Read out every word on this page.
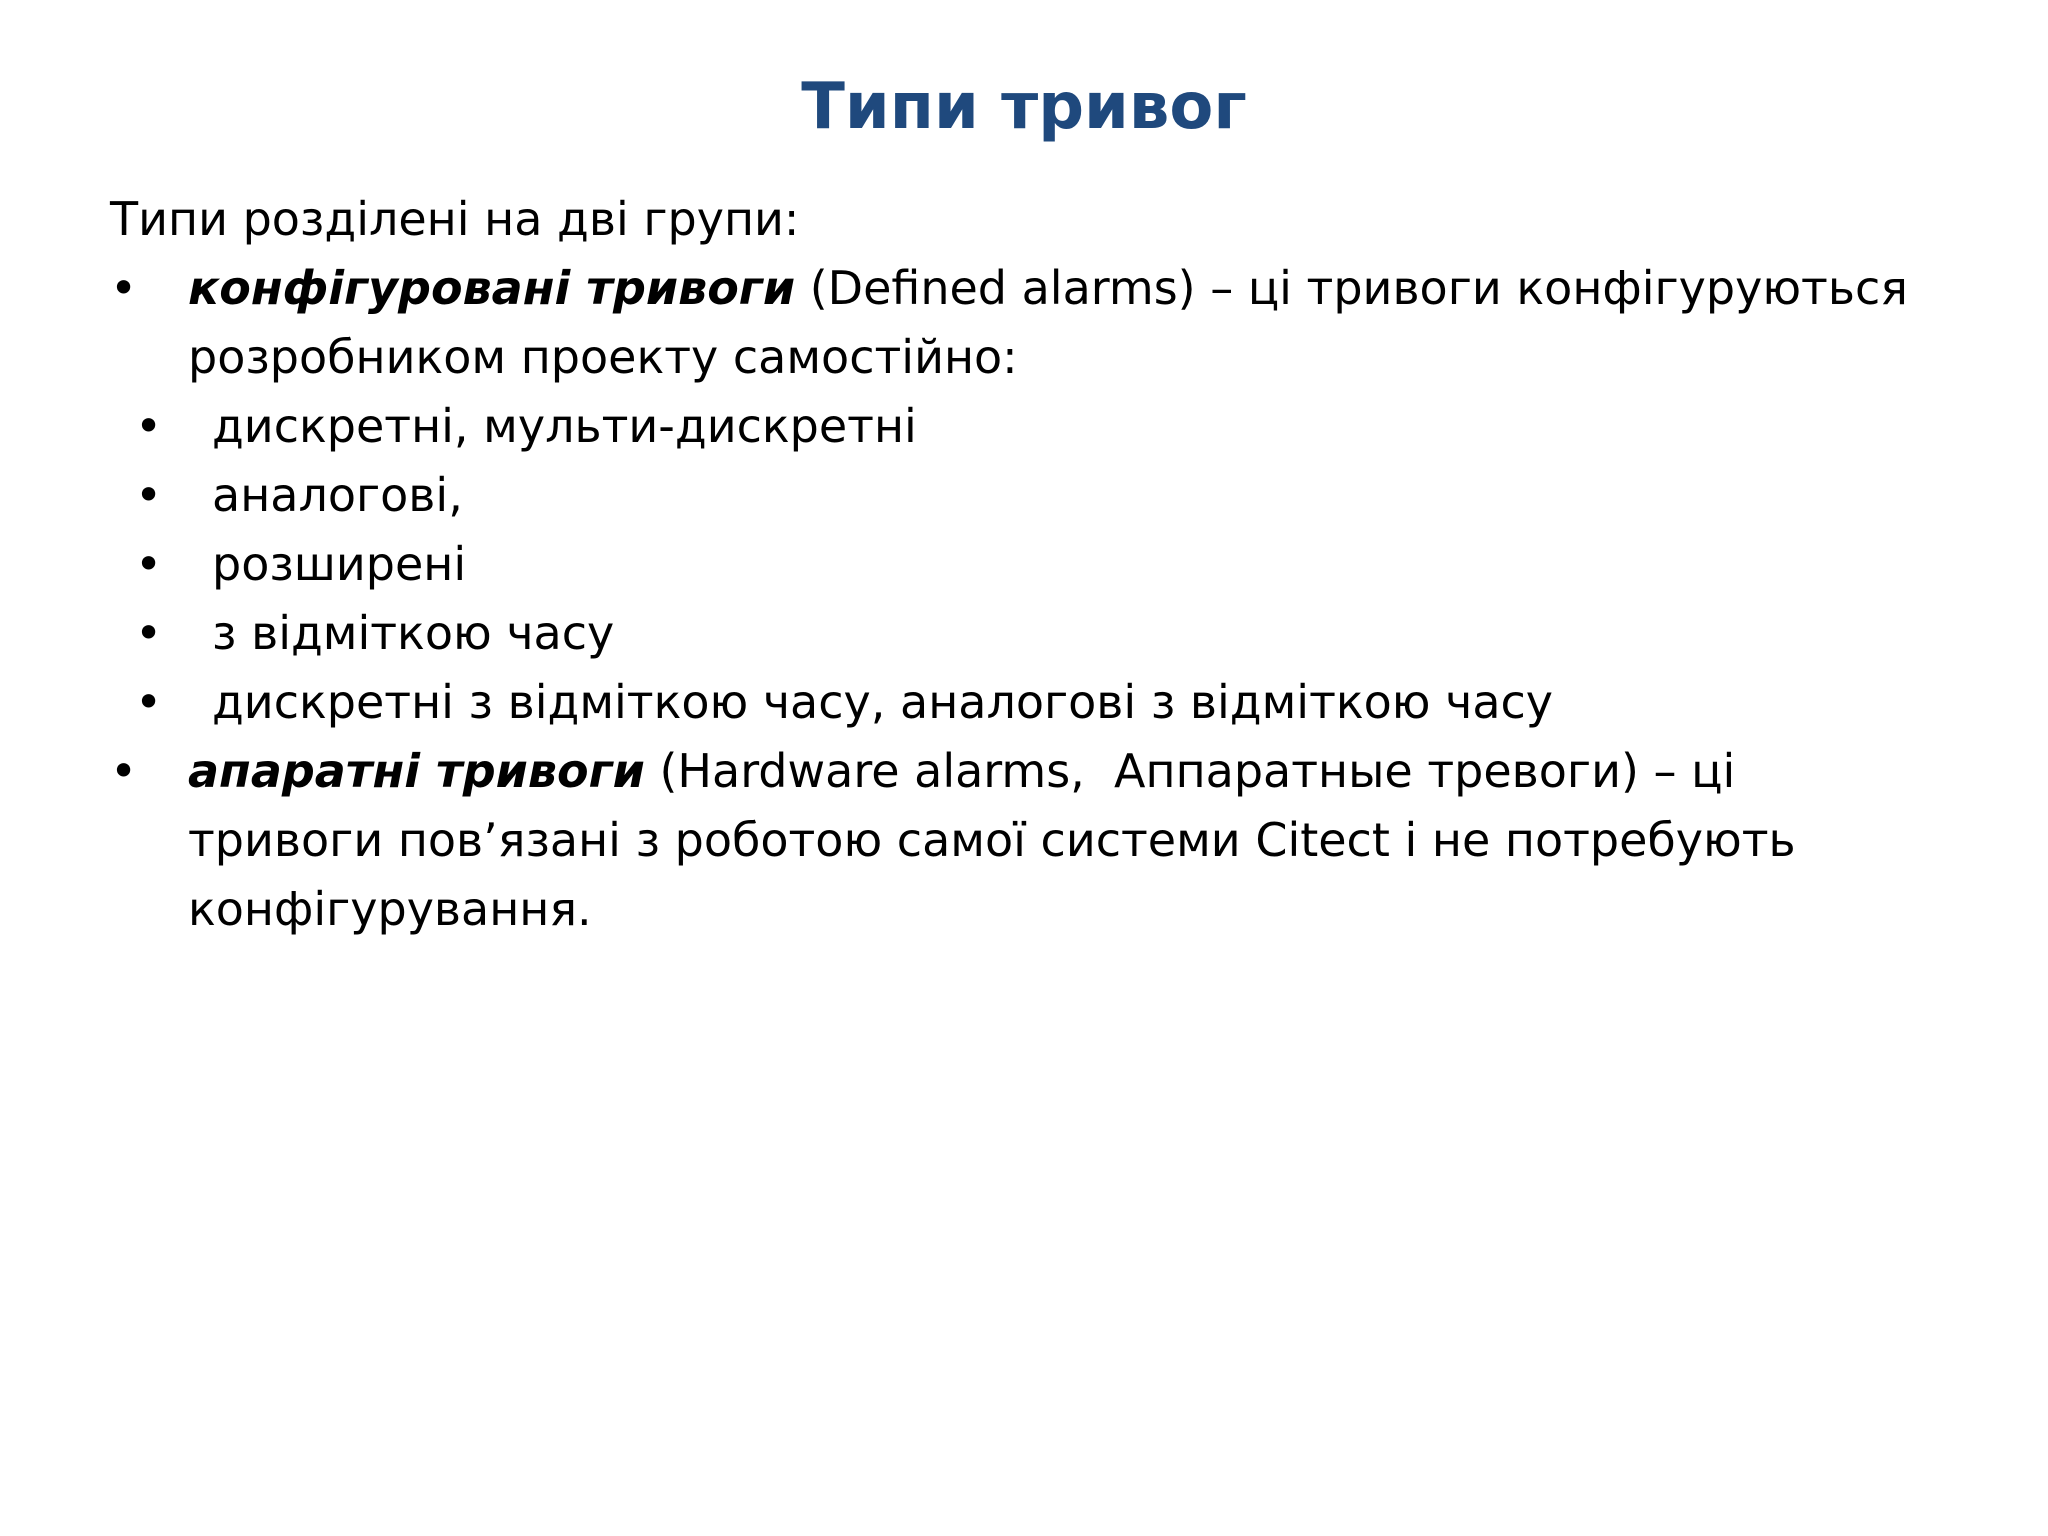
Типи тривог

Типи розділені на дві групи:

• конфігуровані тривоги (Defined alarms) – ці тривоги конфігуруються
розробником проекту самостійно:
• дискретні, мульти-дискретні
• аналогові,
• розширені
• з відміткою часу
• дискретні з відміткою часу, аналогові з відміткою часу
• апаратні тривоги (Hardware alarms,  Аппаратные тревоги) – ці
тривоги пов’язані з роботою самої системи Citect і не потребують
конфігурування.
